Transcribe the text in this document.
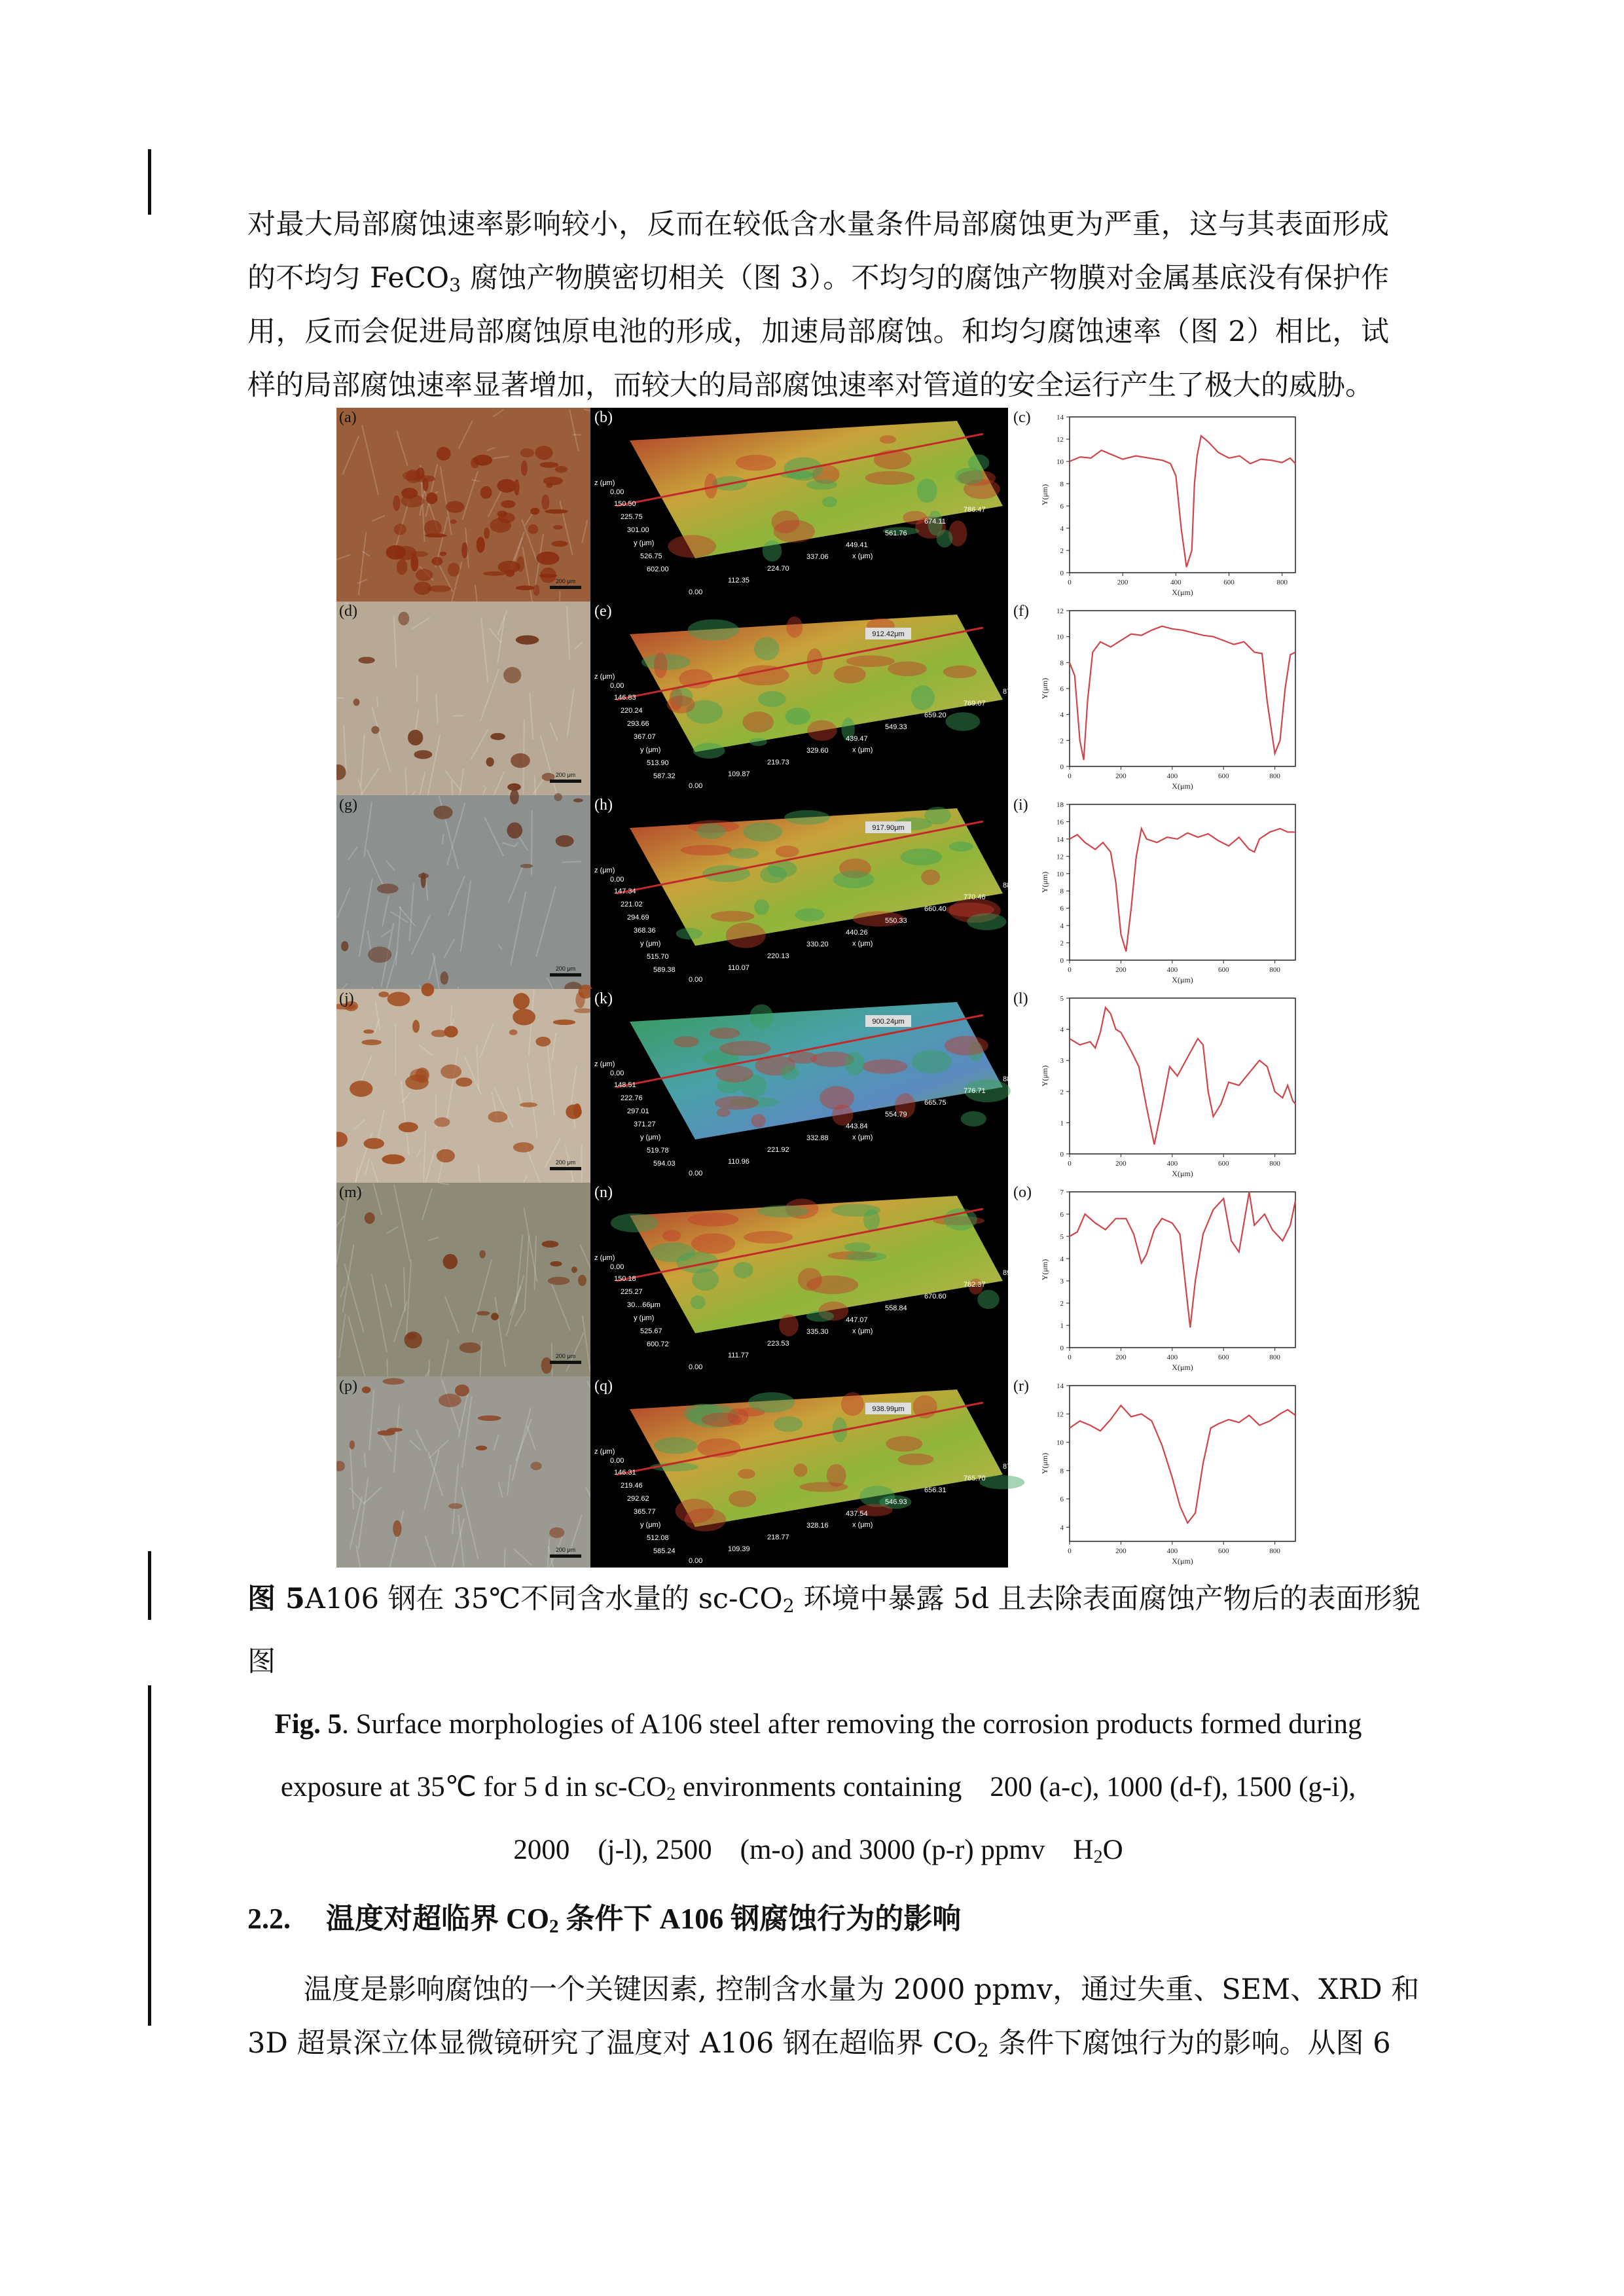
对最大局部腐蚀速率影响较小，反而在较低含水量条件局部腐蚀更为严重，这与其表面形成
的不均匀 FeCO$_3$ 腐蚀产物膜密切相关（图 3）。不均匀的腐蚀产物膜对金属基底没有保护作
用，反而会促进局部腐蚀原电池的形成，加速局部腐蚀。和均匀腐蚀速率（图 2）相比，试
样的局部腐蚀速率显著增加，而较大的局部腐蚀速率对管道的安全运行产生了极大的威胁。

200 μm
(a)
z (μm)
0.00
150.50
225.75
301.00
y (μm)
526.75
602.00
0.00
112.35
224.70
337.06
449.41
561.76
674.11
786.47
x (μm)
(b)	(c)
0
2
4
6
8
10
12
14
0	200	400	600	800
X(μm)
Y(μm)
200 μm
(d)
912.42μm
z (μm)
0.00
146.83
220.24
293.66
367.07
y (μm)
513.90
587.32
0.00
109.87
219.73
329.60
439.47
549.33
659.20
769.07
878.93
x (μm)
(e)	(f)
0
2
4
6
8
10
12
0	200	400	600	800
X(μm)
Y(μm)
200 μm
(g)
917.90μm
z (μm)
0.00
147.34
221.02
294.69
368.36
y (μm)
515.70
589.38
0.00
110.07
220.13
330.20
440.26
550.33
660.40
770.46
880.53
x (μm)
(h)	(i)
0
2
4
6
8
10
12
14
16
18
0	200	400	600	800
X(μm)
Y(μm)
200 μm
(j)
900.24μm
z (μm)
0.00
148.51
222.76
297.01
371.27
y (μm)
519.78
594.03
0.00
110.96
221.92
332.88
443.84
554.79
665.75
776.71
887.67
x (μm)
(k)	(l)
0
1
2
3
4
5
0	200	400	600	800
X(μm)
Y(μm)
200 μm
(m)
z (μm)
0.00
150.18
225.27
30…66μm
y (μm)
525.67
600.72
0.00
111.77
223.53
335.30
447.07
558.84
670.60
782.37
894.14
x (μm)
(n)	(o)
0
1
2
3
4
5
6
7
0	200	400	600	800
X(μm)
Y(μm)
200 μm
(p)
938.99μm
z (μm)
0.00
146.31
219.46
292.62
365.77
y (μm)
512.08
585.24
0.00
109.39
218.77
328.16
437.54
546.93
656.31
765.70
875.08
x (μm)
(q)	(r)
4
6
8
10
12
14
0	200	400	600	800
X(μm)
Y(μm)
图 5A106 钢在 35℃不同含水量的 $sc-CO_2$ 环境中暴露 5d 且去除表面腐蚀产物后的表面形貌
图
Fig. 5. Surface morphologies of A106 steel after removing the corrosion products formed during
exposure at 35℃ for 5 d in $sc-CO_2$ environments containing    200 (a-c), 1000 (d-f), 1500 (g-i),
2000    (j-l), 2500    (m-o) and 3000 (p-r) ppmv    $H_2O$
2.2. 温度对超临界 $CO_2$ 条件下 A106 钢腐蚀行为的影响

温度是影响腐蚀的一个关键因素, 控制含水量为 2000 ppmv，通过失重、SEM、XRD 和
3D 超景深立体显微镜研究了温度对 A106 钢在超临界 $CO_2$ 条件下腐蚀行为的影响。从图 6
